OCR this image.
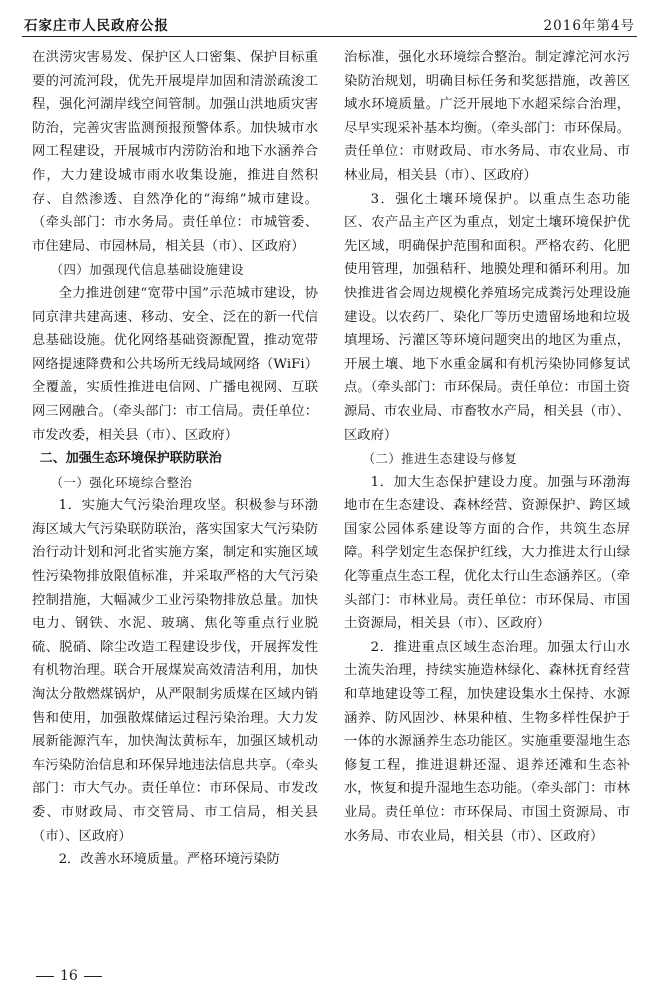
石家庄市人民政府公报	2016年第4号

在洪涝灾害易发、保护区人口密集、保护目标重要的河流河段，优先开展堤岸加固和清淤疏浚工程，强化河湖岸线空间管制。加强山洪地质灾害防治，完善灾害监测预报预警体系。加快城市水网工程建设，开展城市内涝防治和地下水涵养合作，大力建设城市雨水收集设施，推进自然积存、自然渗透、自然净化的“海绵”城市建设。（牵头部门：市水务局。责任单位：市城管委、市住建局、市园林局，相关县（市）、区政府）

（四）加强现代信息基础设施建设

全力推进创建“宽带中国”示范城市建设，协同京津共建高速、移动、安全、泛在的新一代信息基础设施。优化网络基础资源配置，推动宽带网络提速降费和公共场所无线局域网络（WiFi）全覆盖，实质性推进电信网、广播电视网、互联网三网融合。（牵头部门：市工信局。责任单位：市发改委，相关县（市）、区政府）

二、加强生态环境保护联防联治

（一）强化环境综合整治

1．实施大气污染治理攻坚。积极参与环渤海区域大气污染联防联治，落实国家大气污染防治行动计划和河北省实施方案，制定和实施区域性污染物排放限值标准，并采取严格的大气污染控制措施，大幅减少工业污染物排放总量。加快电力、钢铁、水泥、玻璃、焦化等重点行业脱硫、脱硝、除尘改造工程建设步伐，开展挥发性有机物治理。联合开展煤炭高效清洁利用，加快淘汰分散燃煤锅炉，从严限制劣质煤在区域内销售和使用，加强散煤储运过程污染治理。大力发展新能源汽车，加快淘汰黄标车，加强区域机动车污染防治信息和环保异地违法信息共享。（牵头部门：市大气办。责任单位：市环保局、市发改委、市财政局、市交管局、市工信局，相关县（市）、区政府）

2．改善水环境质量。严格环境污染防

治标准，强化水环境综合整治。制定滹沱河水污染防治规划，明确目标任务和奖惩措施，改善区域水环境质量。广泛开展地下水超采综合治理，尽早实现采补基本均衡。（牵头部门：市环保局。责任单位：市财政局、市水务局、市农业局、市林业局，相关县（市）、区政府）

3．强化土壤环境保护。以重点生态功能区、农产品主产区为重点，划定土壤环境保护优先区域，明确保护范围和面积。严格农药、化肥使用管理，加强秸秆、地膜处理和循环利用。加快推进省会周边规模化养殖场完成粪污处理设施建设。以农药厂、染化厂等历史遗留场地和垃圾填埋场、污灌区等环境问题突出的地区为重点，开展土壤、地下水重金属和有机污染协同修复试点。（牵头部门：市环保局。责任单位：市国土资源局、市农业局、市畜牧水产局，相关县（市）、区政府）

（二）推进生态建设与修复

1．加大生态保护建设力度。加强与环渤海地市在生态建设、森林经营、资源保护、跨区域国家公园体系建设等方面的合作，共筑生态屏障。科学划定生态保护红线，大力推进太行山绿化等重点生态工程，优化太行山生态涵养区。（牵头部门：市林业局。责任单位：市环保局、市国土资源局，相关县（市）、区政府）

2．推进重点区域生态治理。加强太行山水土流失治理，持续实施造林绿化、森林抚育经营和草地建设等工程，加快建设集水土保持、水源涵养、防风固沙、林果种植、生物多样性保护于一体的水源涵养生态功能区。实施重要湿地生态修复工程，推进退耕还湿、退养还滩和生态补水，恢复和提升湿地生态功能。（牵头部门：市林业局。责任单位：市环保局、市国土资源局、市水务局、市农业局，相关县（市）、区政府）

16
